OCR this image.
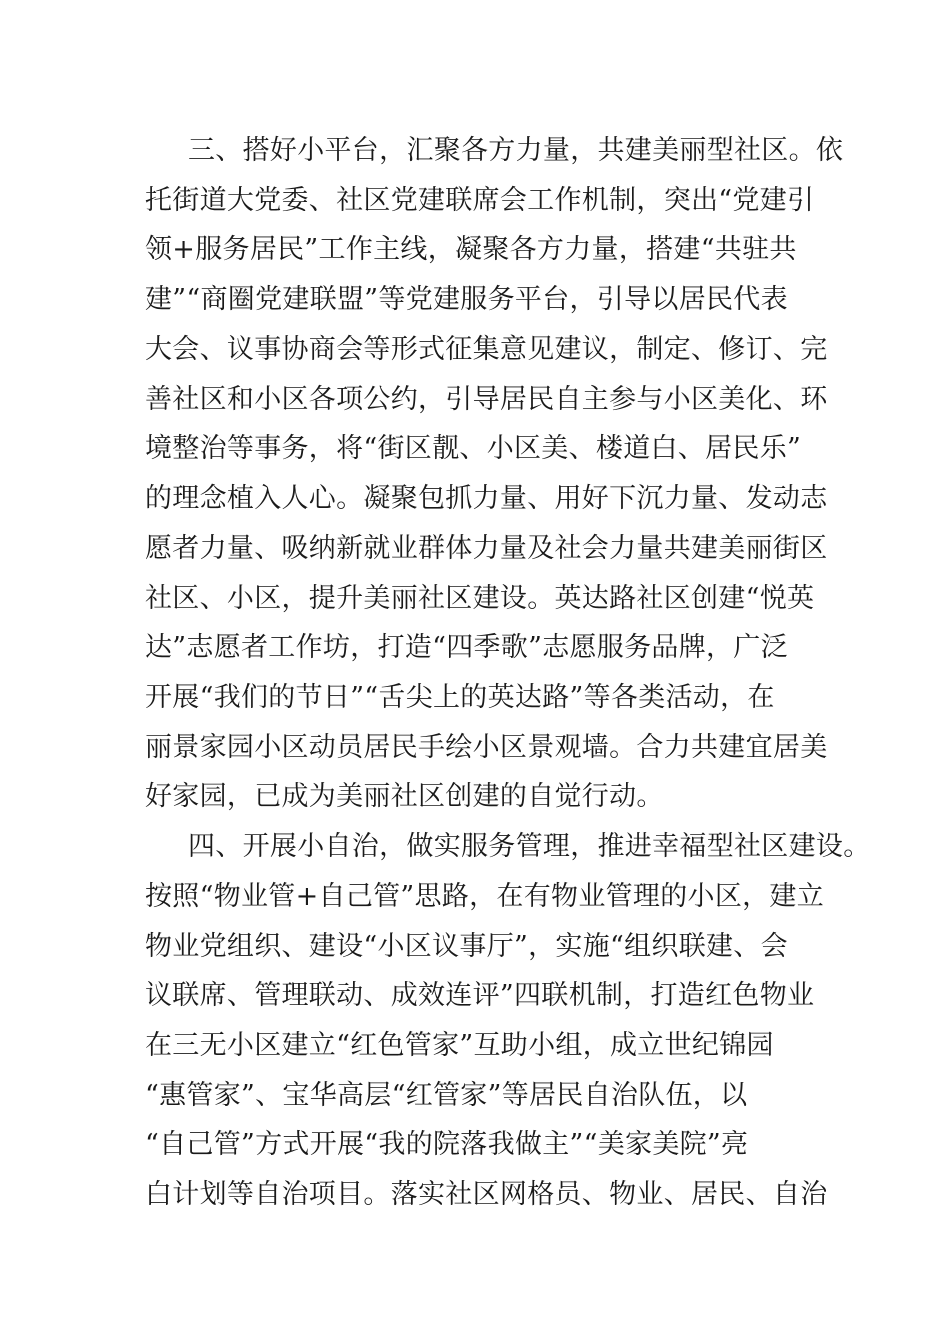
三、搭好小平台，汇聚各方力量，共建美丽型社区。依
托街道大党委、社区党建联席会工作机制，突出“党建引
领+服务居民”工作主线，凝聚各方力量，搭建“共驻共
建”“商圈党建联盟”等党建服务平台，引导以居民代表
大会、议事协商会等形式征集意见建议，制定、修订、完
善社区和小区各项公约，引导居民自主参与小区美化、环
境整治等事务，将“街区靓、小区美、楼道白、居民乐”
的理念植入人心。凝聚包抓力量、用好下沉力量、发动志
愿者力量、吸纳新就业群体力量及社会力量共建美丽街区
社区、小区，提升美丽社区建设。英达路社区创建“悦英
达”志愿者工作坊，打造“四季歌”志愿服务品牌，广泛
开展“我们的节日”“舌尖上的英达路”等各类活动，在
丽景家园小区动员居民手绘小区景观墙。合力共建宜居美
好家园，已成为美丽社区创建的自觉行动。
四、开展小自治，做实服务管理，推进幸福型社区建设。
按照“物业管+自己管”思路，在有物业管理的小区，建立
物业党组织、建设“小区议事厅”，实施“组织联建、会
议联席、管理联动、成效连评”四联机制，打造红色物业
在三无小区建立“红色管家”互助小组，成立世纪锦园
“惠管家”、宝华高层“红管家”等居民自治队伍，以
“自己管”方式开展“我的院落我做主”“美家美院”亮
白计划等自治项目。落实社区网格员、物业、居民、自治
